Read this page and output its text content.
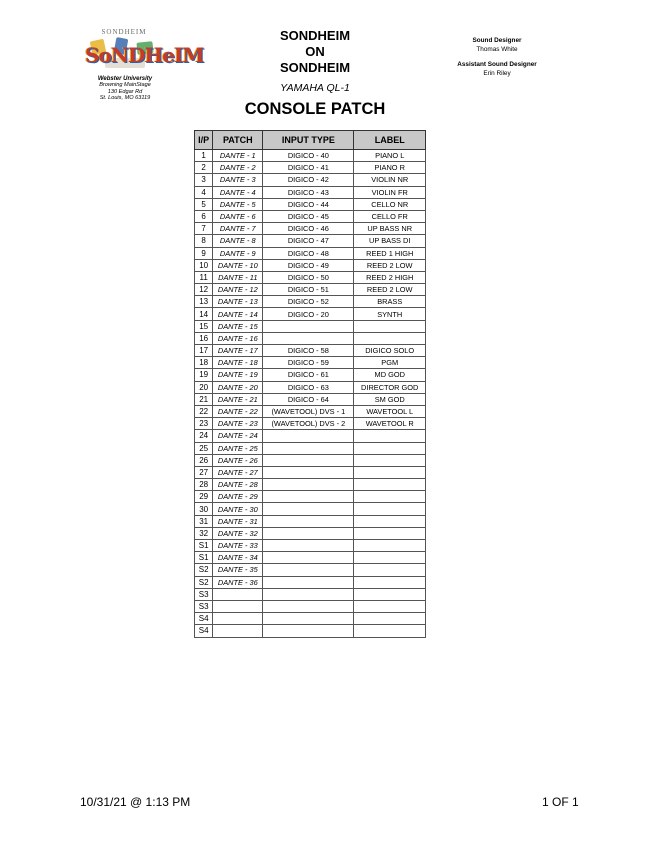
SONDHEIM
SoNDHeIM
Webster University
Browning MainStage
130 Edgar Rd
St. Louis, MO 63119
SONDHEIM
ON
SONDHEIM
YAMAHA QL-1
CONSOLE PATCH
Sound Designer
Thomas White
Assistant Sound Designer
Erin Riley
I/P	PATCH	INPUT TYPE	LABEL
1	DANTE - 1	DIGICO - 40	PIANO L
2	DANTE - 2	DIGICO - 41	PIANO R
3	DANTE - 3	DIGICO - 42	VIOLIN NR
4	DANTE - 4	DIGICO - 43	VIOLIN FR
5	DANTE - 5	DIGICO - 44	CELLO NR
6	DANTE - 6	DIGICO - 45	CELLO FR
7	DANTE - 7	DIGICO - 46	UP BASS NR
8	DANTE - 8	DIGICO - 47	UP BASS DI
9	DANTE - 9	DIGICO - 48	REED 1 HIGH
10	DANTE - 10	DIGICO - 49	REED 2 LOW
11	DANTE - 11	DIGICO - 50	REED 2 HIGH
12	DANTE - 12	DIGICO - 51	REED 2 LOW
13	DANTE - 13	DIGICO - 52	BRASS
14	DANTE - 14	DIGICO - 20	SYNTH
15	DANTE - 15		
16	DANTE - 16		
17	DANTE - 17	DIGICO - 58	DIGICO SOLO
18	DANTE - 18	DIGICO - 59	PGM
19	DANTE - 19	DIGICO - 61	MD GOD
20	DANTE - 20	DIGICO - 63	DIRECTOR GOD
21	DANTE - 21	DIGICO - 64	SM GOD
22	DANTE - 22	(WAVETOOL) DVS - 1	WAVETOOL L
23	DANTE - 23	(WAVETOOL) DVS - 2	WAVETOOL R
24	DANTE - 24		
25	DANTE - 25		
26	DANTE - 26		
27	DANTE - 27		
28	DANTE - 28		
29	DANTE - 29		
30	DANTE - 30		
31	DANTE - 31		
32	DANTE - 32		
S1	DANTE - 33		
S1	DANTE - 34		
S2	DANTE - 35		
S2	DANTE - 36		
S3			
S3			
S4			
S4			
10/31/21 @ 1:13 PM	1 OF 1
